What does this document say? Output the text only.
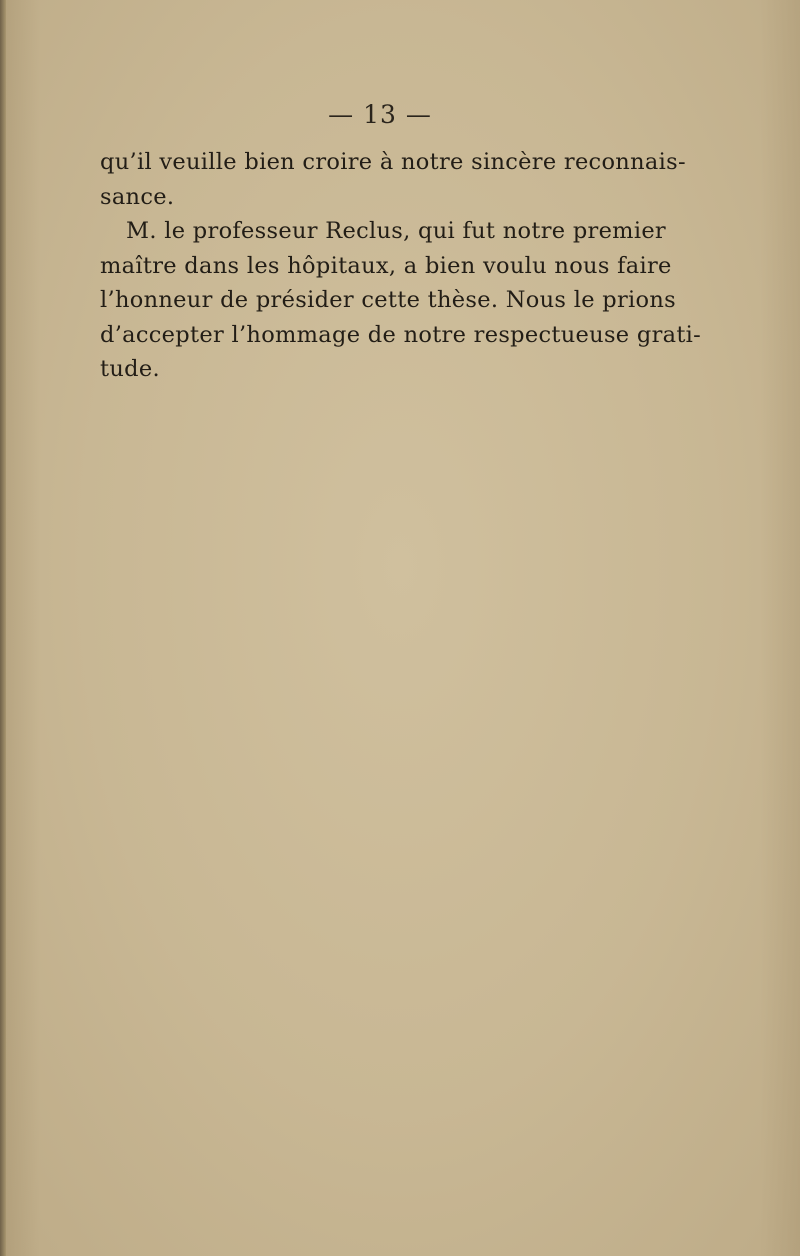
— 13 —
qu’il veuille bien croire à notre sincère reconnais-
sance.
M. le professeur Reclus, qui fut notre premier
maître dans les hôpitaux, a bien voulu nous faire
l’honneur de présider cette thèse. Nous le prions
d’accepter l’hommage de notre respectueuse grati-
tude.
